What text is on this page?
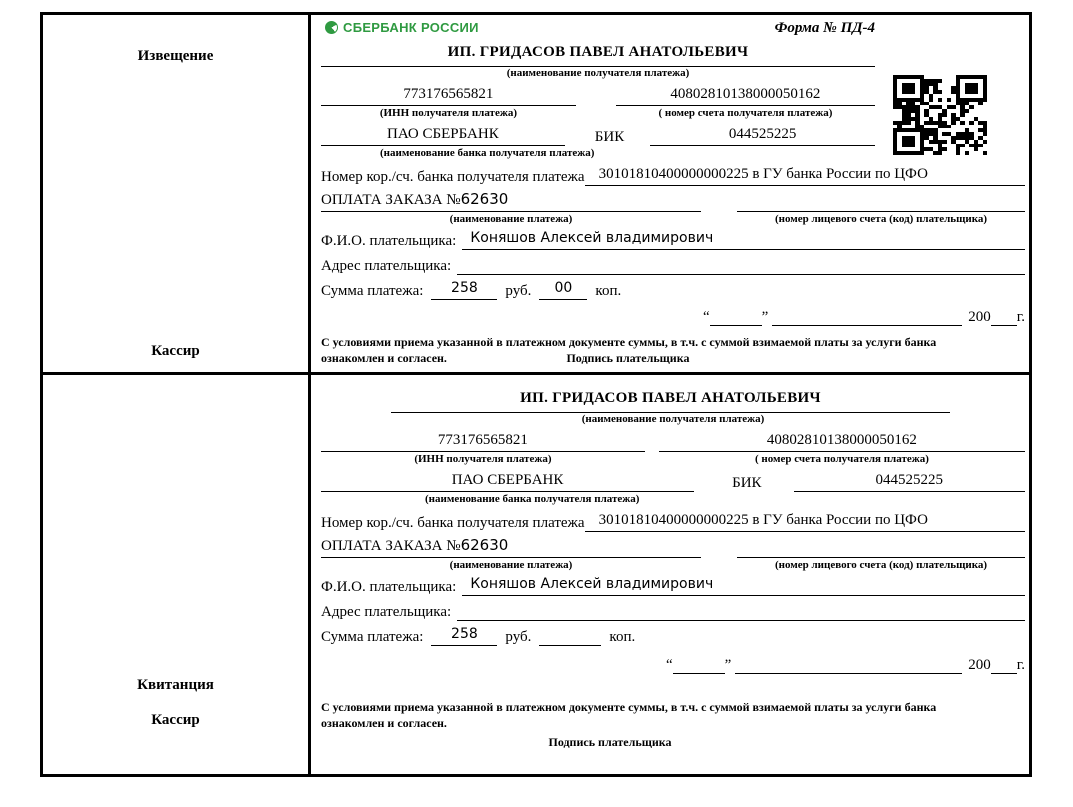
Извещение
Кассир
СБЕРБАНК РОССИИ	Форма № ПД-4
ИП. ГРИДАСОВ ПАВЕЛ АНАТОЛЬЕВИЧ
(наименование получателя платежа)
773176565821	40802810138000050162
(ИНН получателя платежа)	( номер счета получателя платежа)
ПАО СБЕРБАНК	БИК	044525225
(наименование банка получателя платежа)
Номер кор./сч. банка получателя платежа 30101810400000000225 в ГУ банка России по ЦФО
ОПЛАТА ЗАКАЗА №62630
(наименование платежа)	(номер лицевого счета (код) плательщика)
Ф.И.О. плательщика:	Коняшов Алексей владимирович
Адрес плательщика:
Сумма платежа:	258	руб.	00	коп.
“	”	200 г.
С условиями приема указанной в платежном документе суммы, в т.ч. с суммой взимаемой платы за услуги банка
ознакомлен и согласен.	Подпись плательщика
Квитанция
Кассир
ИП. ГРИДАСОВ ПАВЕЛ АНАТОЛЬЕВИЧ
(наименование получателя платежа)
773176565821	40802810138000050162
(ИНН получателя платежа)	( номер счета получателя платежа)
ПАО СБЕРБАНК	БИК	044525225
(наименование банка получателя платежа)
Номер кор./сч. банка получателя платежа 30101810400000000225 в ГУ банка России по ЦФО
ОПЛАТА ЗАКАЗА №62630
(наименование платежа)	(номер лицевого счета (код) плательщика)
Ф.И.О. плательщика:	Коняшов Алексей владимирович
Адрес плательщика:
Сумма платежа:	258	руб.	коп.
“	”	200 г.
С условиями приема указанной в платежном документе суммы, в т.ч. с суммой взимаемой платы за услуги банка
ознакомлен и согласен.
Подпись плательщика
